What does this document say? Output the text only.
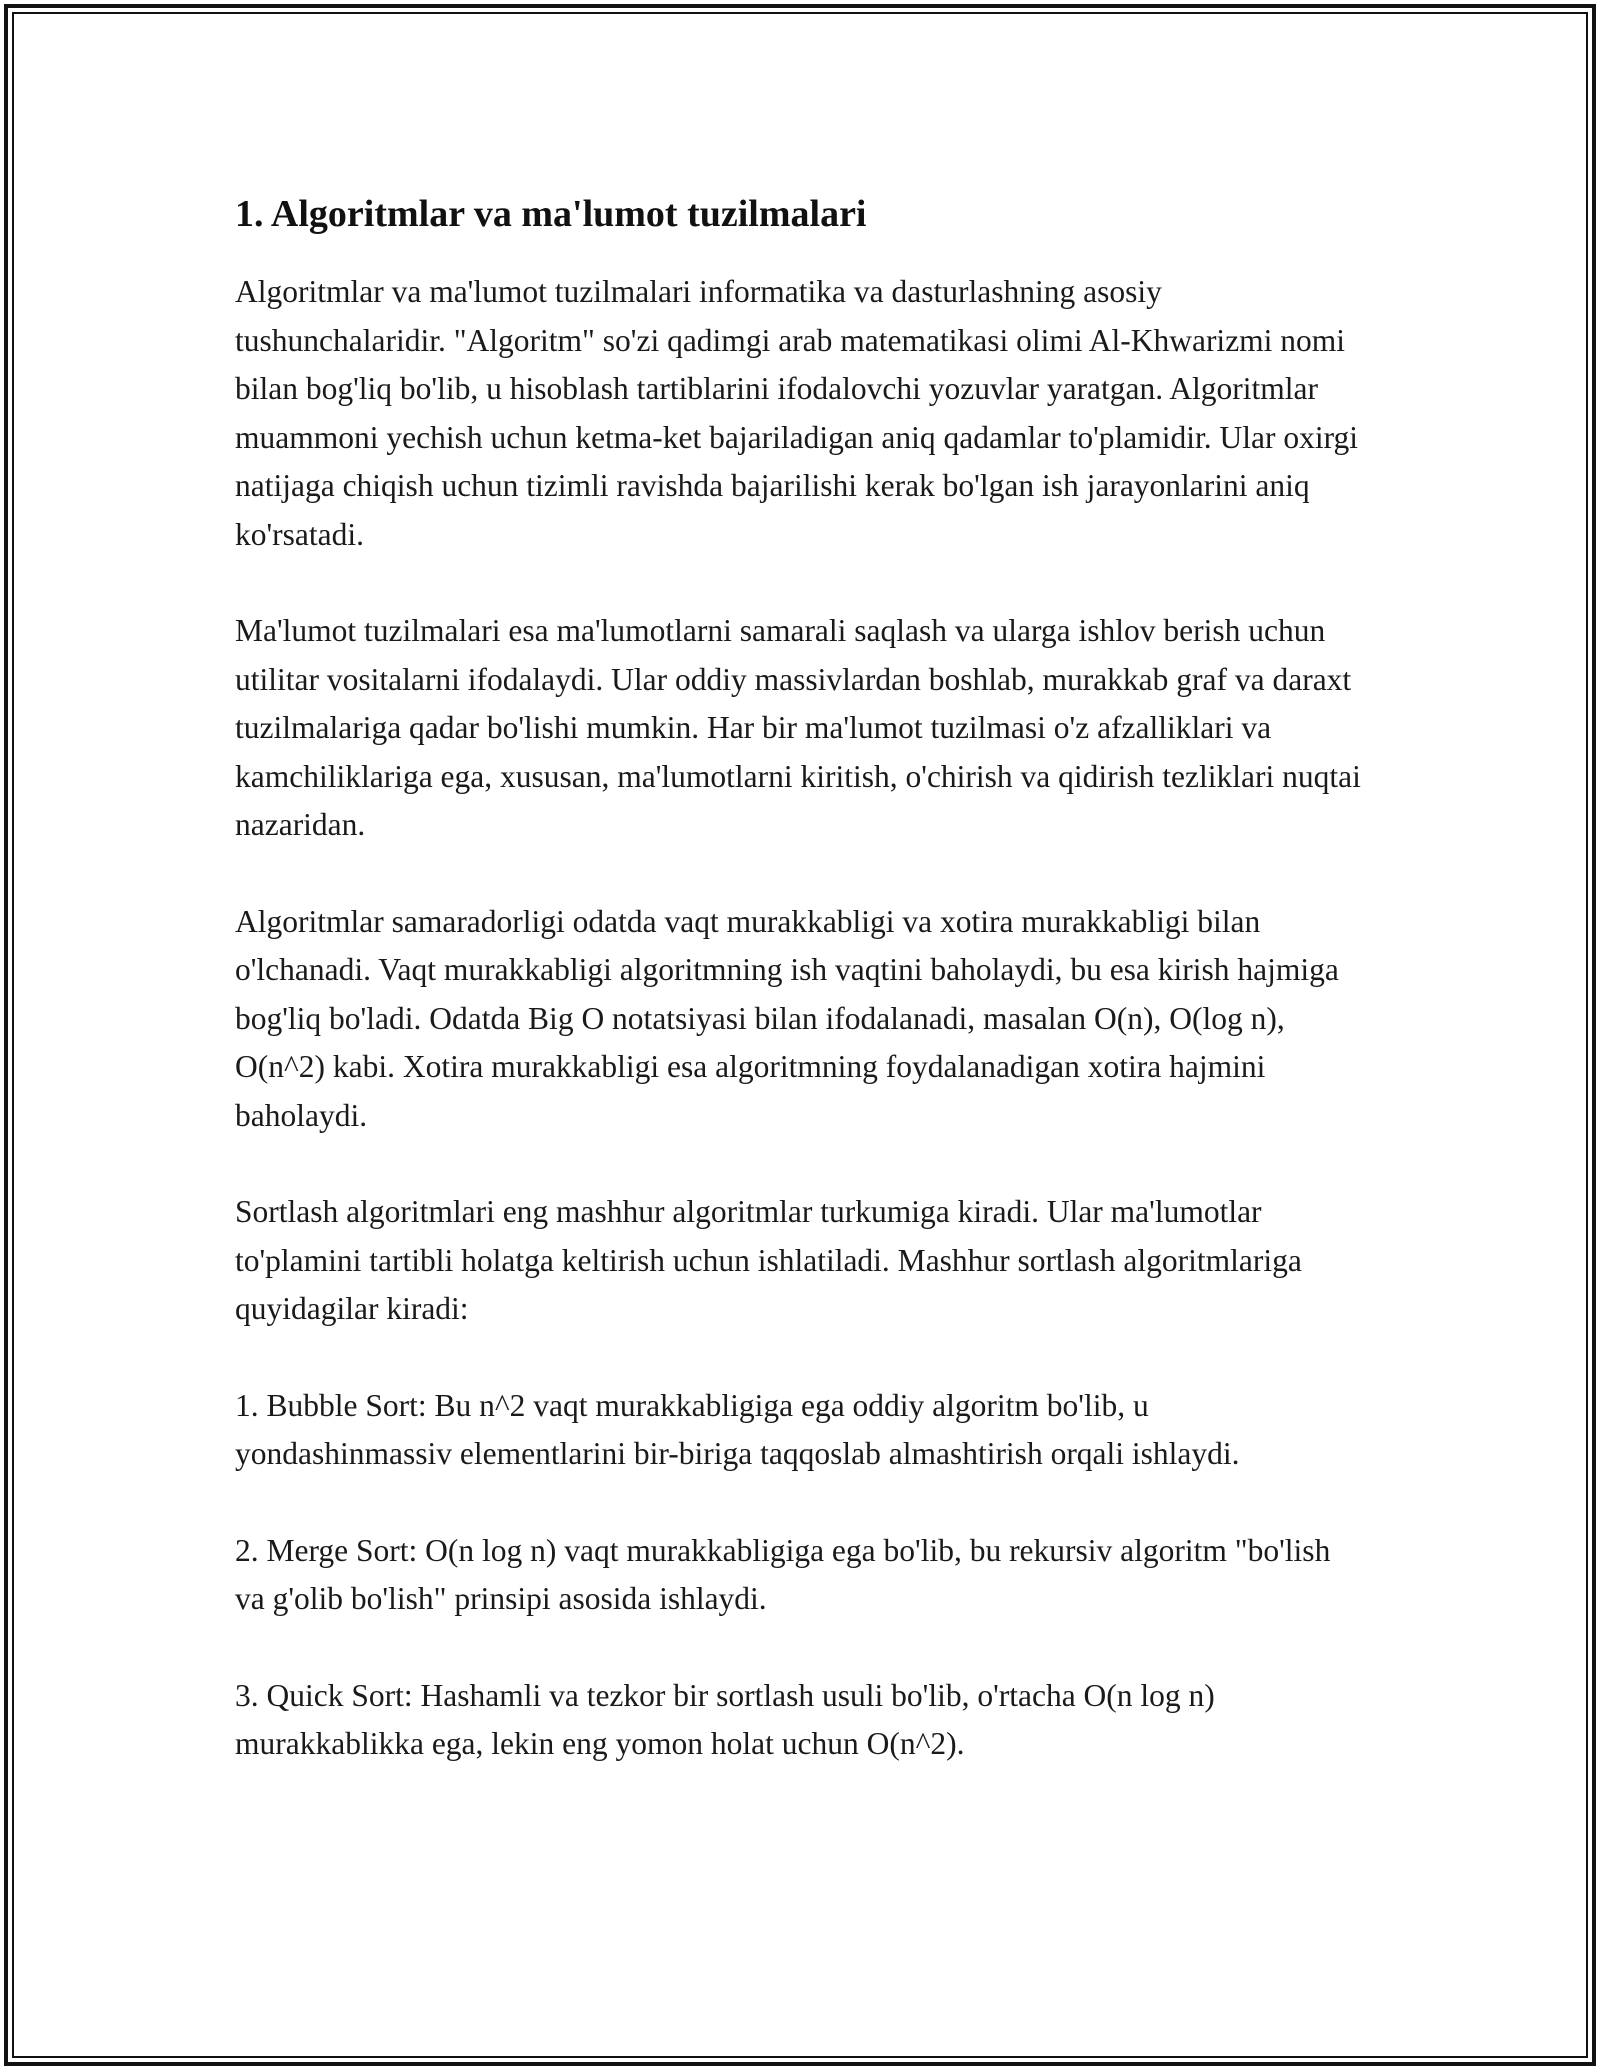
1. Algoritmlar va ma'lumot tuzilmalari

Algoritmlar va ma'lumot tuzilmalari informatika va dasturlashning asosiy tushunchalaridir. "Algoritm" so'zi qadimgi arab matematikasi olimi Al-Khwarizmi nomi bilan bog'liq bo'lib, u hisoblash tartiblarini ifodalovchi yozuvlar yaratgan. Algoritmlar muammoni yechish uchun ketma-ket bajariladigan aniq qadamlar to'plamidir. Ular oxirgi natijaga chiqish uchun tizimli ravishda bajarilishi kerak bo'lgan ish jarayonlarini aniq ko'rsatadi.

Ma'lumot tuzilmalari esa ma'lumotlarni samarali saqlash va ularga ishlov berish uchun utilitar vositalarni ifodalaydi. Ular oddiy massivlardan boshlab, murakkab graf va daraxt tuzilmalariga qadar bo'lishi mumkin. Har bir ma'lumot tuzilmasi o'z afzalliklari va kamchiliklariga ega, xususan, ma'lumotlarni kiritish, o'chirish va qidirish tezliklari nuqtai nazaridan.

Algoritmlar samaradorligi odatda vaqt murakkabligi va xotira murakkabligi bilan o'lchanadi. Vaqt murakkabligi algoritmning ish vaqtini baholaydi, bu esa kirish hajmiga bog'liq bo'ladi. Odatda Big O notatsiyasi bilan ifodalanadi, masalan O(n), O(log n), O(n^2) kabi. Xotira murakkabligi esa algoritmning foydalanadigan xotira hajmini baholaydi.

Sortlash algoritmlari eng mashhur algoritmlar turkumiga kiradi. Ular ma'lumotlar to'plamini tartibli holatga keltirish uchun ishlatiladi. Mashhur sortlash algoritmlariga quyidagilar kiradi:

1. Bubble Sort: Bu n^2 vaqt murakkabligiga ega oddiy algoritm bo'lib, u yondashinmassiv elementlarini bir-biriga taqqoslab almashtirish orqali ishlaydi.

2. Merge Sort: O(n log n) vaqt murakkabligiga ega bo'lib, bu rekursiv algoritm "bo'lish va g'olib bo'lish" prinsipi asosida ishlaydi.

3. Quick Sort: Hashamli va tezkor bir sortlash usuli bo'lib, o'rtacha O(n log n) murakkablikka ega, lekin eng yomon holat uchun O(n^2).
